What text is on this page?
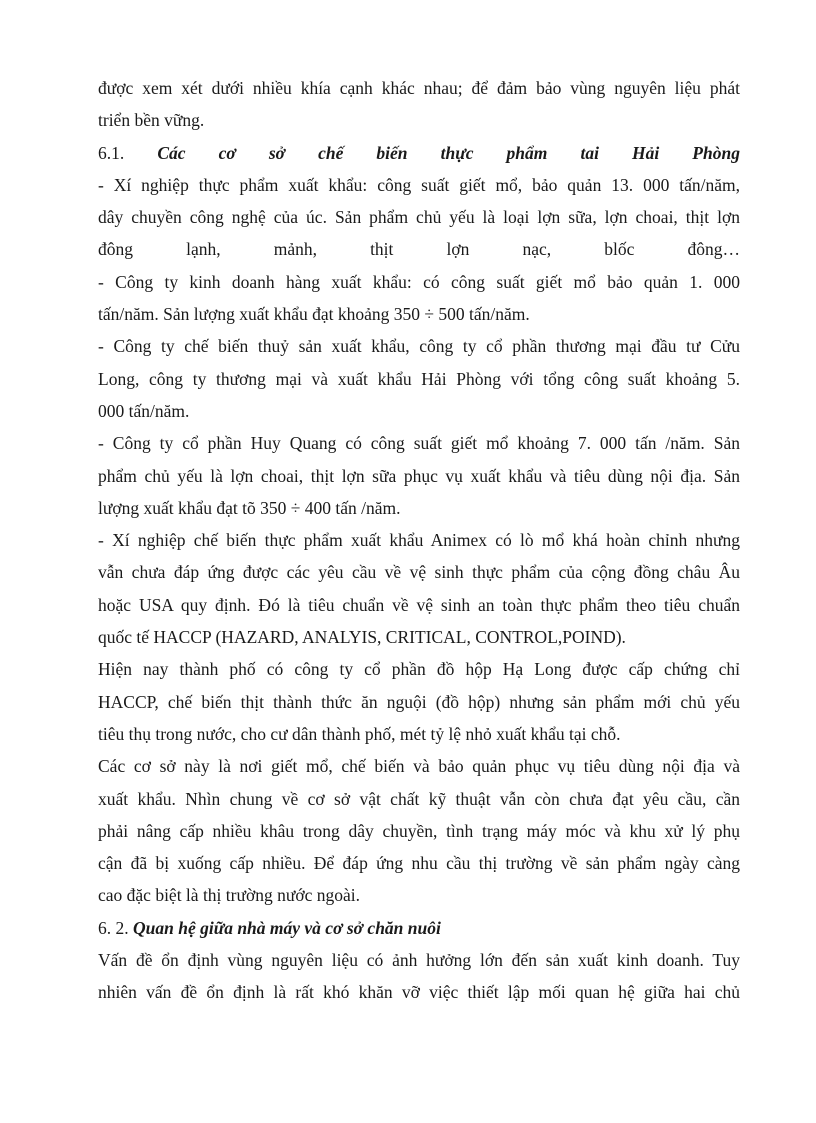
được xem xét dưới nhiều khía cạnh khác nhau; để đảm bảo vùng nguyên liệu phát
triển bền vững.
6.1. Các cơ sở chế biến thực phẩm tai Hải Phòng
- Xí nghiệp thực phẩm xuất khẩu: công suất giết mổ, bảo quản 13. 000 tấn/năm,
dây chuyền công nghệ của úc. Sản phẩm chủ yếu là loại lợn sữa, lợn choai, thịt lợn
đông	lạnh,	mảnh,	thịt	lợn	nạc,	blốc	đông…
- Công ty kinh doanh hàng xuất khẩu: có công suất giết mổ bảo quản 1. 000
tấn/năm. Sản lượng xuất khẩu đạt khoảng 350 ÷ 500 tấn/năm.
- Công ty chế biến thuỷ sản xuất khẩu, công ty cổ phần thương mại đầu tư Cửu
Long, công ty thương mại và xuất khẩu Hải Phòng với tổng công suất khoảng 5.
000 tấn/năm.
- Công ty cổ phần Huy Quang có công suất giết mổ khoảng 7. 000 tấn /năm. Sản
phẩm chủ yếu là lợn choai, thịt lợn sữa phục vụ xuất khẩu và tiêu dùng nội địa. Sản
lượng xuất khẩu đạt tõ 350 ÷ 400 tấn /năm.
- Xí nghiệp chế biến thực phẩm xuất khẩu Animex có lò mổ khá hoàn chỉnh nhưng
vẫn chưa đáp ứng được các yêu cầu về vệ sinh thực phẩm của cộng đồng châu Âu
hoặc USA quy định. Đó là tiêu chuẩn về vệ sinh an toàn thực phẩm theo tiêu chuẩn
quốc tế HACCP (HAZARD, ANALYIS, CRITICAL, CONTROL,POIND).
Hiện nay thành phố có công ty cổ phần đồ hộp Hạ Long được cấp chứng chỉ
HACCP, chế biến thịt thành thức ăn nguội (đồ hộp) nhưng sản phẩm mới chủ yếu
tiêu thụ trong nước, cho cư dân thành phố, mét tỷ lệ nhỏ xuất khẩu tại chỗ.
Các cơ sở này là nơi giết mổ, chế biến và bảo quản phục vụ tiêu dùng nội địa và
xuất khẩu. Nhìn chung về cơ sở vật chất kỹ thuật vẫn còn chưa đạt yêu cầu, cần
phải nâng cấp nhiều khâu trong dây chuyền, tình trạng máy móc và khu xử lý phụ
cận đã bị xuống cấp nhiều. Để đáp ứng nhu cầu thị trường về sản phẩm ngày càng
cao đặc biệt là thị trường nước ngoài.
6. 2. Quan hệ giữa nhà máy và cơ sở chăn nuôi
Vấn đề ổn định vùng nguyên liệu có ảnh hưởng lớn đến sản xuất kinh doanh. Tuy
nhiên vấn đề ổn định là rất khó khăn vỡ việc thiết lập mối quan hệ giữa hai chủ
